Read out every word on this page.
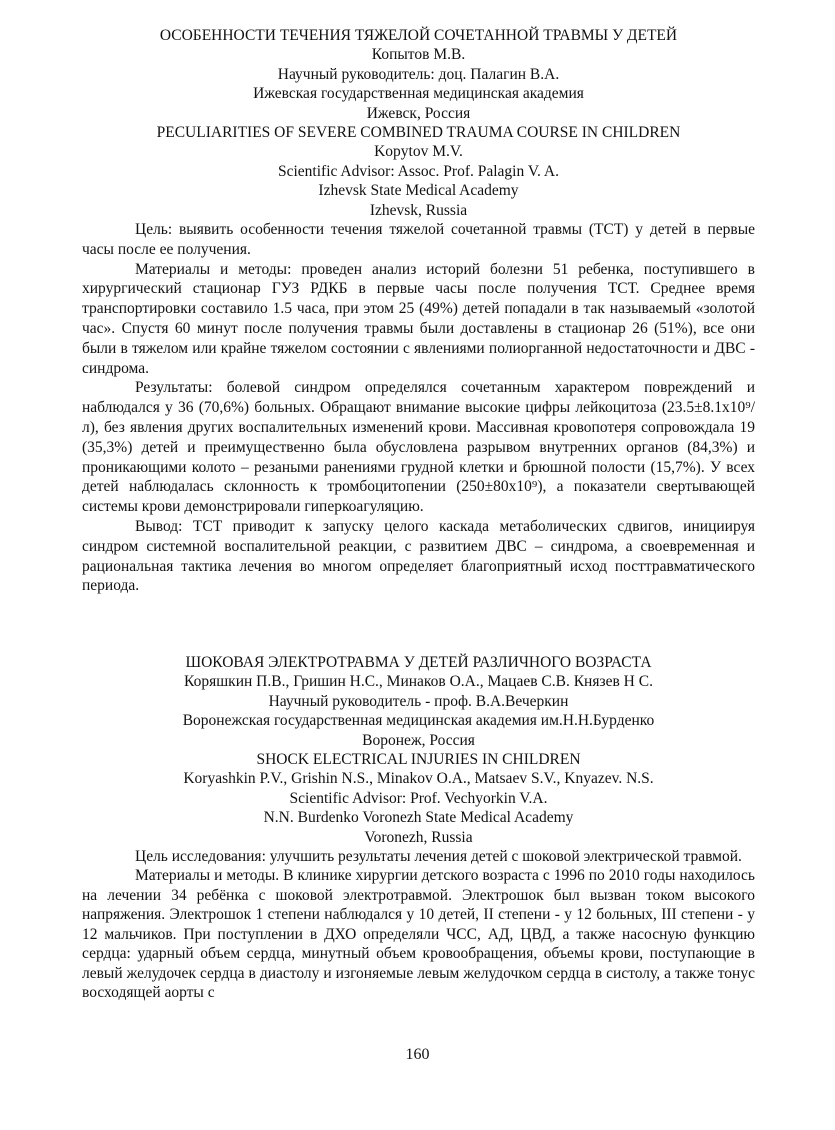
ОСОБЕННОСТИ ТЕЧЕНИЯ ТЯЖЕЛОЙ СОЧЕТАННОЙ ТРАВМЫ У ДЕТЕЙ

Копытов М.В.

Научный руководитель: доц. Палагин В.А.

Ижевская государственная медицинская академия

Ижевск, Россия

PECULIARITIES OF SEVERE COMBINED TRAUMA COURSE IN CHILDREN

Kopytov M.V.

Scientific Advisor: Assoc. Prof. Palagin V. A.

Izhevsk State Medical Academy

Izhevsk, Russia

Цель: выявить особенности течения тяжелой сочетанной травмы (ТСТ) у детей в первые часы после ее получения.

Материалы и методы: проведен анализ историй болезни 51 ребенка, поступившего в хирургический стационар ГУЗ РДКБ в первые часы после получения ТСТ. Среднее время транспортировки составило 1.5 часа, при этом 25 (49%) детей попадали в так называемый «золотой час». Спустя 60 минут после получения травмы были доставлены в стационар 26 (51%), все они были в тяжелом или крайне тяжелом состоянии с явлениями полиорганной недостаточности и ДВС - синдрома.

Результаты: болевой синдром определялся сочетанным характером повреждений и наблюдался у 36 (70,6%) больных. Обращают внимание высокие цифры лейкоцитоза (23.5±8.1х10⁹/л), без явления других воспалительных изменений крови. Массивная кровопотеря сопровождала 19 (35,3%) детей и преимущественно была обусловлена разрывом внутренних органов (84,3%) и проникающими колото – резаными ранениями грудной клетки и брюшной полости (15,7%). У всех детей наблюдалась склонность к тромбоцитопении (250±80х10⁹), а показатели свертывающей системы крови демонстрировали гиперкоагуляцию.

Вывод: ТСТ приводит к запуску целого каскада метаболических сдвигов, инициируя синдром системной воспалительной реакции, с развитием ДВС – синдрома, а своевременная и рациональная тактика лечения во многом определяет благоприятный исход посттравматического периода.

ШОКОВАЯ ЭЛЕКТРОТРАВМА У ДЕТЕЙ РАЗЛИЧНОГО ВОЗРАСТА

Коряшкин П.В., Гришин Н.С., Минаков О.А., Мацаев С.В. Князев Н С.

Научный руководитель - проф. В.А.Вечеркин

Воронежская государственная медицинская академия им.Н.Н.Бурденко

Воронеж, Россия

SHOCK ELECTRICAL INJURIES IN CHILDREN

Koryashkin P.V., Grishin N.S., Minakov O.A., Matsaev S.V., Knyazev. N.S.

Scientific Advisor: Prof. Vechyorkin V.A.

N.N. Burdenko Voronezh State Medical Academy

Voronezh, Russia

Цель исследования: улучшить результаты лечения детей с шоковой электрической травмой.

Материалы и методы. В клинике хирургии детского возраста с 1996 по 2010 годы находилось на лечении 34 ребёнка с шоковой электротравмой. Электрошок был вызван током высокого напряжения. Электрошок 1 степени наблюдался у 10 детей, II степени - у 12 больных, III степени - у 12 мальчиков. При поступлении в ДХО определяли ЧСС, АД, ЦВД, а также насосную функцию сердца: ударный объем сердца, минутный объем кровообращения, объемы крови, поступающие в левый желудочек сердца в диастолу и изгоняемые левым желудочком сердца в систолу, а также тонус восходящей аорты с

160
